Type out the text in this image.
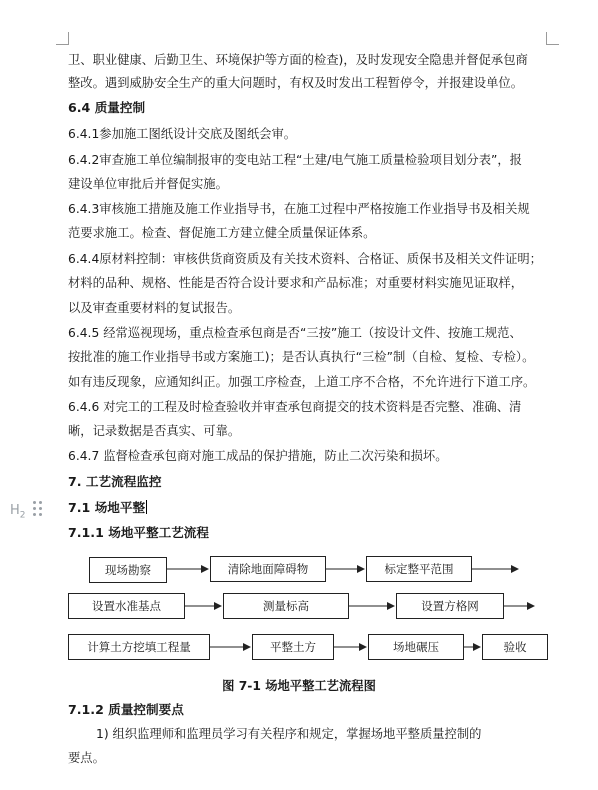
卫、职业健康、后勤卫生、环境保护等方面的检查)，及时发现安全隐患并督促承包商
整改。遇到威胁安全生产的重大问题时，有权及时发出工程暂停令，并报建设单位。
6.4 质量控制
6.4.1参加施工图纸设计交底及图纸会审。
6.4.2审查施工单位编制报审的变电站工程“土建/电气施工质量检验项目划分表”，报
建设单位审批后并督促实施。
6.4.3审核施工措施及施工作业指导书，在施工过程中严格按施工作业指导书及相关规
范要求施工。检查、督促施工方建立健全质量保证体系。
6.4.4原材料控制：审核供货商资质及有关技术资料、合格证、质保书及相关文件证明；
材料的品种、规格、性能是否符合设计要求和产品标准；对重要材料实施见证取样，
以及审查重要材料的复试报告。
6.4.5 经常巡视现场，重点检查承包商是否“三按”施工（按设计文件、按施工规范、
按批准的施工作业指导书或方案施工)；是否认真执行“三检”制（自检、复检、专检）。
如有违反现象，应通知纠正。加强工序检查，上道工序不合格，不允许进行下道工序。
6.4.6 对完工的工程及时检查验收并审查承包商提交的技术资料是否完整、准确、清
晰，记录数据是否真实、可靠。
6.4.7 监督检查承包商对施工成品的保护措施，防止二次污染和损坏。
7. 工艺流程监控
$H_2$
7.1 场地平整
7.1.1 场地平整工艺流程
现场勘察	清除地面障碍物	标定整平范围
设置水准基点	测量标高	设置方格网
计算土方挖填工程量	平整土方	场地碾压	验收
图 7-1 场地平整工艺流程图
7.1.2 质量控制要点
1) 组织监理师和监理员学习有关程序和规定，掌握场地平整质量控制的
要点。
